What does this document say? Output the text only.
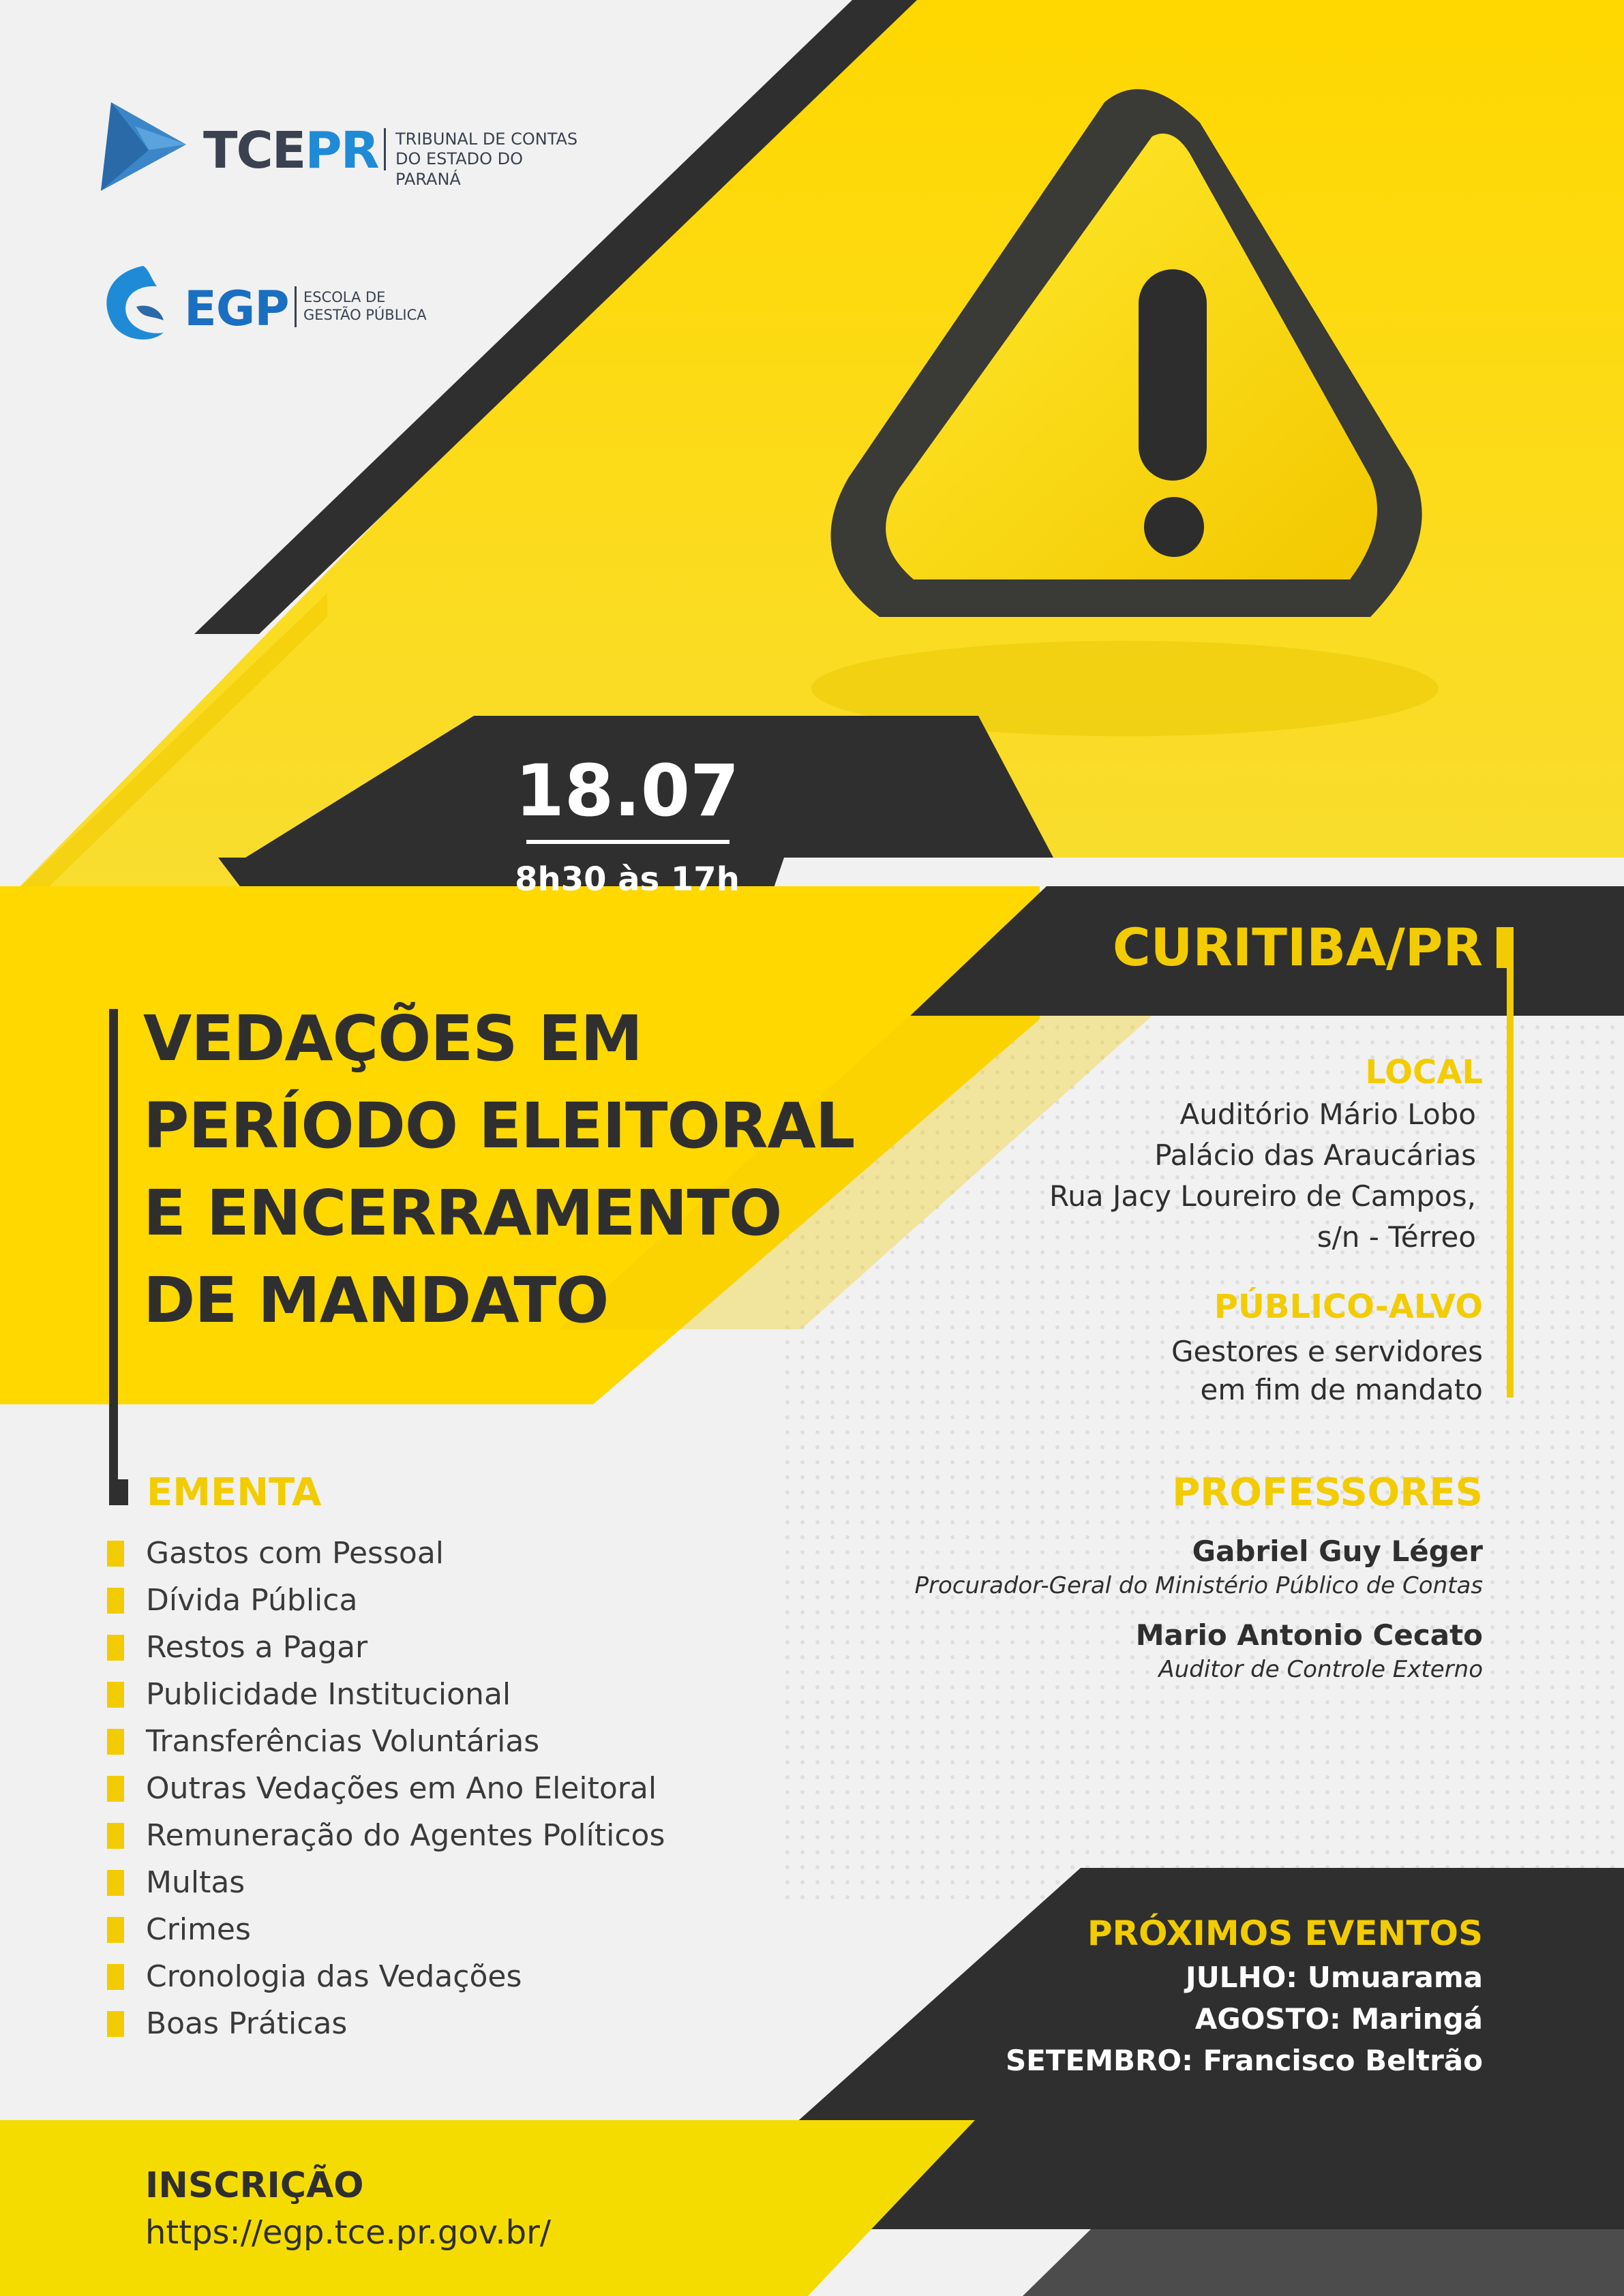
TCEPR TRIBUNAL DE CONTAS
DO ESTADO DO PARANÁ
EGP ESCOLA DE
GESTÃO PÚBLICA
18.07
8h30 às 17h
CURITIBA/PR
VEDAÇÕES EM
PERÍODO ELEITORAL
E ENCERRAMENTO
DE MANDATO
LOCAL
Auditório Mário Lobo
Palácio das Araucárias
Rua Jacy Loureiro de Campos,
s/n - Térreo
PÚBLICO-ALVO
Gestores e servidores
em fim de mandato
EMENTA
Gastos com Pessoal
Dívida Pública
Restos a Pagar
Publicidade Institucional
Transferências Voluntárias
Outras Vedações em Ano Eleitoral
Remuneração do Agentes Políticos
Multas
Crimes
Cronologia das Vedações
Boas Práticas
PROFESSORES
Gabriel Guy Léger
Procurador-Geral do Ministério Público de Contas
Mario Antonio Cecato
Auditor de Controle Externo
PRÓXIMOS EVENTOS
JULHO: Umuarama
AGOSTO: Maringá
SETEMBRO: Francisco Beltrão
INSCRIÇÃO
https://egp.tce.pr.gov.br/
